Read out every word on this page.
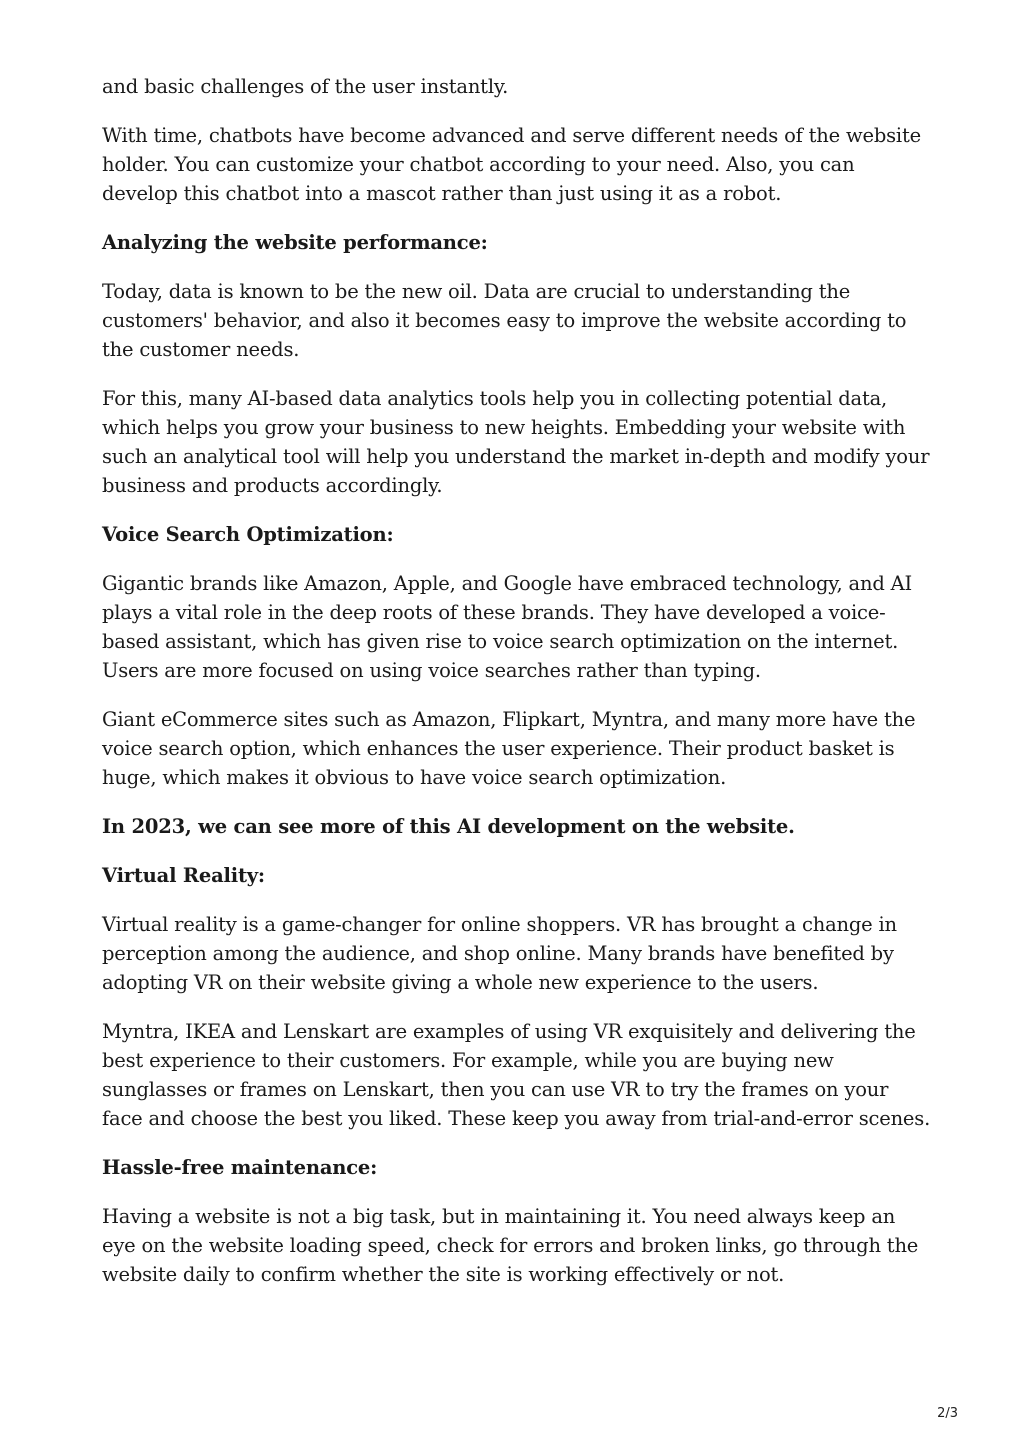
and basic challenges of the user instantly.

With time, chatbots have become advanced and serve different needs of the website holder. You can customize your chatbot according to your need. Also, you can develop this chatbot into a mascot rather than just using it as a robot.

Analyzing the website performance:

Today, data is known to be the new oil. Data are crucial to understanding the customers' behavior, and also it becomes easy to improve the website according to the customer needs.

For this, many AI-based data analytics tools help you in collecting potential data, which helps you grow your business to new heights. Embedding your website with such an analytical tool will help you understand the market in-depth and modify your business and products accordingly.

Voice Search Optimization:

Gigantic brands like Amazon, Apple, and Google have embraced technology, and AI plays a vital role in the deep roots of these brands. They have developed a voice-based assistant, which has given rise to voice search optimization on the internet. Users are more focused on using voice searches rather than typing.

Giant eCommerce sites such as Amazon, Flipkart, Myntra, and many more have the voice search option, which enhances the user experience. Their product basket is huge, which makes it obvious to have voice search optimization.

In 2023, we can see more of this AI development on the website.

Virtual Reality:

Virtual reality is a game-changer for online shoppers. VR has brought a change in perception among the audience, and shop online. Many brands have benefited by adopting VR on their website giving a whole new experience to the users.

Myntra, IKEA and Lenskart are examples of using VR exquisitely and delivering the best experience to their customers. For example, while you are buying new sunglasses or frames on Lenskart, then you can use VR to try the frames on your face and choose the best you liked. These keep you away from trial-and-error scenes.

Hassle-free maintenance:

Having a website is not a big task, but in maintaining it. You need always keep an eye on the website loading speed, check for errors and broken links, go through the website daily to confirm whether the site is working effectively or not.

2/3
